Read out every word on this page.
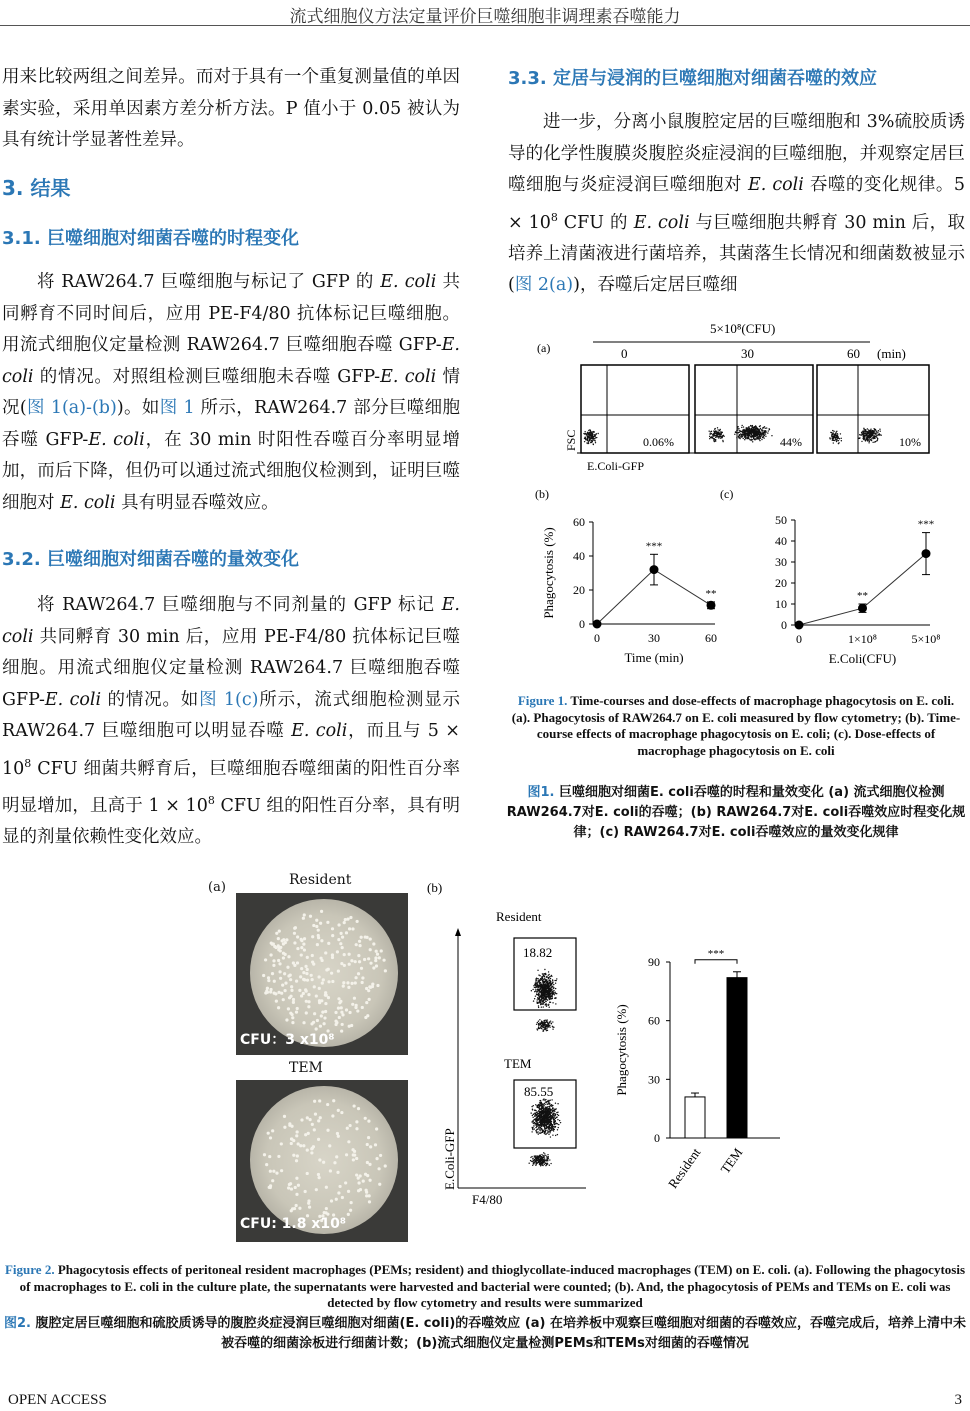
流式细胞仪方法定量评价巨噬细胞非调理素吞噬能力

用来比较两组之间差异。而对于具有一个重复测量值的单因素实验，采用单因素方差分析方法。P 值小于 0.05 被认为具有统计学显著性差异。

3. 结果
3.1. 巨噬细胞对细菌吞噬的时程变化

将 RAW264.7 巨噬细胞与标记了 GFP 的 E. coli 共同孵育不同时间后，应用 PE-F4/80 抗体标记巨噬细胞。用流式细胞仪定量检测 RAW264.7 巨噬细胞吞噬 GFP-E. coli 的情况。对照组检测巨噬细胞未吞噬 GFP-E. coli 情况(图 1(a)-(b))。如图 1 所示，RAW264.7 部分巨噬细胞吞噬 GFP-E. coli，在 30 min 时阳性吞噬百分率明显增加，而后下降，但仍可以通过流式细胞仪检测到，证明巨噬细胞对 E. coli 具有明显吞噬效应。

3.2. 巨噬细胞对细菌吞噬的量效变化

将 RAW264.7 巨噬细胞与不同剂量的 GFP 标记 E. coli 共同孵育 30 min 后，应用 PE-F4/80 抗体标记巨噬细胞。用流式细胞仪定量检测 RAW264.7 巨噬细胞吞噬 GFP-E. coli 的情况。如图 1(c)所示，流式细胞检测显示 RAW264.7 巨噬细胞可以明显吞噬 E. coli，而且与 $5 \times 10^8$ CFU 细菌共孵育后，巨噬细胞吞噬细菌的阳性百分率明显增加，且高于 $1 \times 10^8$ CFU 组的阳性百分率，具有明显的剂量依赖性变化效应。

3.3. 定居与浸润的巨噬细胞对细菌吞噬的效应

进一步，分离小鼠腹腔定居的巨噬细胞和 3%硫胶质诱导的化学性腹膜炎腹腔炎症浸润的巨噬细胞，并观察定居巨噬细胞与炎症浸润巨噬细胞对 E. coli 吞噬的变化规律。$5 \times 10^8$ CFU 的 E. coli 与巨噬细胞共孵育 30 min 后，取培养上清菌液进行菌培养，其菌落生长情况和细菌数被显示(图 2(a))，吞噬后定居巨噬细

(a)
5×10⁸(CFU)
0	30	60 (min)
0.06%	44%	10%
FSC
E.Coli-GFP
(b)	(c)
0
20
40
60
0	30	60
***
**
Time (min)
Phagocytosis (%)
0
10
20
30
40
50
0	1×10⁸	5×10⁸
**
***
E.Coli(CFU)
Figure 1. Time-courses and dose-effects of macrophage phagocytosis on E. coli. (a). Phagocytosis of RAW264.7 on E. coli measured by flow cytometry; (b). Time-course effects of macrophage phagocytosis on E. coli; (c). Dose-effects of macrophage phagocytosis on E. coli
图1. 巨噬细胞对细菌E. coli吞噬的时程和量效变化 (a) 流式细胞仪检测RAW264.7对E. coli的吞噬；(b) RAW264.7对E. coli吞噬效应时程变化规律；(c) RAW264.7对E. coli吞噬效应的量效变化规律
(a)	Resident
CFU：3 x10⁸
TEM
CFU: 1.8 x10⁸
(b)
Resident
18.82
TEM
85.55
E.Coli-GFP
F4/80
0
30
60
90
Resident TEM
***
Phagocytosis (%)
Figure 2. Phagocytosis effects of peritoneal resident macrophages (PEMs; resident) and thioglycollate-induced macrophages (TEM) on E. coli. (a). Following the phagocytosis of macrophages to E. coli in the culture plate, the supernatants were harvested and bacterial were counted; (b). And, the phagocytosis of PEMs and TEMs on E. coli was detected by flow cytometry and results were summarized
图2. 腹腔定居巨噬细胞和硫胶质诱导的腹腔炎症浸润巨噬细胞对细菌(E. coli)的吞噬效应 (a) 在培养板中观察巨噬细胞对细菌的吞噬效应，吞噬完成后，培养上清中未被吞噬的细菌涂板进行细菌计数；(b)流式细胞仪定量检测PEMs和TEMs对细菌的吞噬情况
OPEN ACCESS	3
